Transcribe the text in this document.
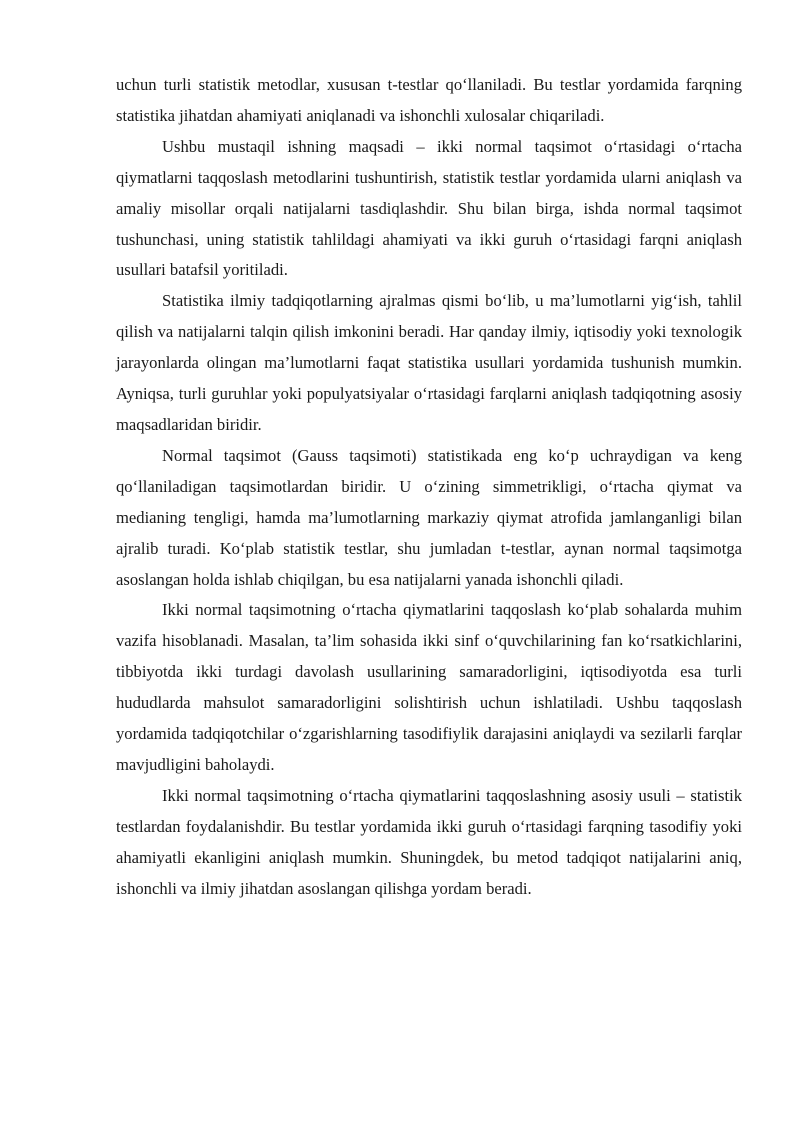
uchun turli statistik metodlar, xususan t-testlar qo‘llaniladi. Bu testlar yordamida farqning statistika jihatdan ahamiyati aniqlanadi va ishonchli xulosalar chiqariladi.

Ushbu mustaqil ishning maqsadi – ikki normal taqsimot o‘rtasidagi o‘rtacha qiymatlarni taqqoslash metodlarini tushuntirish, statistik testlar yordamida ularni aniqlash va amaliy misollar orqali natijalarni tasdiqlashdir. Shu bilan birga, ishda normal taqsimot tushunchasi, uning statistik tahlildagi ahamiyati va ikki guruh o‘rtasidagi farqni aniqlash usullari batafsil yoritiladi.

Statistika ilmiy tadqiqotlarning ajralmas qismi bo‘lib, u ma’lumotlarni yig‘ish, tahlil qilish va natijalarni talqin qilish imkonini beradi. Har qanday ilmiy, iqtisodiy yoki texnologik jarayonlarda olingan ma’lumotlarni faqat statistika usullari yordamida tushunish mumkin. Ayniqsa, turli guruhlar yoki populyatsiyalar o‘rtasidagi farqlarni aniqlash tadqiqotning asosiy maqsadlaridan biridir.

Normal taqsimot (Gauss taqsimoti) statistikada eng ko‘p uchraydigan va keng qo‘llaniladigan taqsimotlardan biridir. U o‘zining simmetrikligi, o‘rtacha qiymat va medianing tengligi, hamda ma’lumotlarning markaziy qiymat atrofida jamlanganligi bilan ajralib turadi. Ko‘plab statistik testlar, shu jumladan t-testlar, aynan normal taqsimotga asoslangan holda ishlab chiqilgan, bu esa natijalarni yanada ishonchli qiladi.

Ikki normal taqsimotning o‘rtacha qiymatlarini taqqoslash ko‘plab sohalarda muhim vazifa hisoblanadi. Masalan, ta’lim sohasida ikki sinf o‘quvchilarining fan ko‘rsatkichlarini, tibbiyotda ikki turdagi davolash usullarining samaradorligini, iqtisodiyotda esa turli hududlarda mahsulot samaradorligini solishtirish uchun ishlatiladi. Ushbu taqqoslash yordamida tadqiqotchilar o‘zgarishlarning tasodifiylik darajasini aniqlaydi va sezilarli farqlar mavjudligini baholaydi.

Ikki normal taqsimotning o‘rtacha qiymatlarini taqqoslashning asosiy usuli – statistik testlardan foydalanishdir. Bu testlar yordamida ikki guruh o‘rtasidagi farqning tasodifiy yoki ahamiyatli ekanligini aniqlash mumkin. Shuningdek, bu metod tadqiqot natijalarini aniq, ishonchli va ilmiy jihatdan asoslangan qilishga yordam beradi.
